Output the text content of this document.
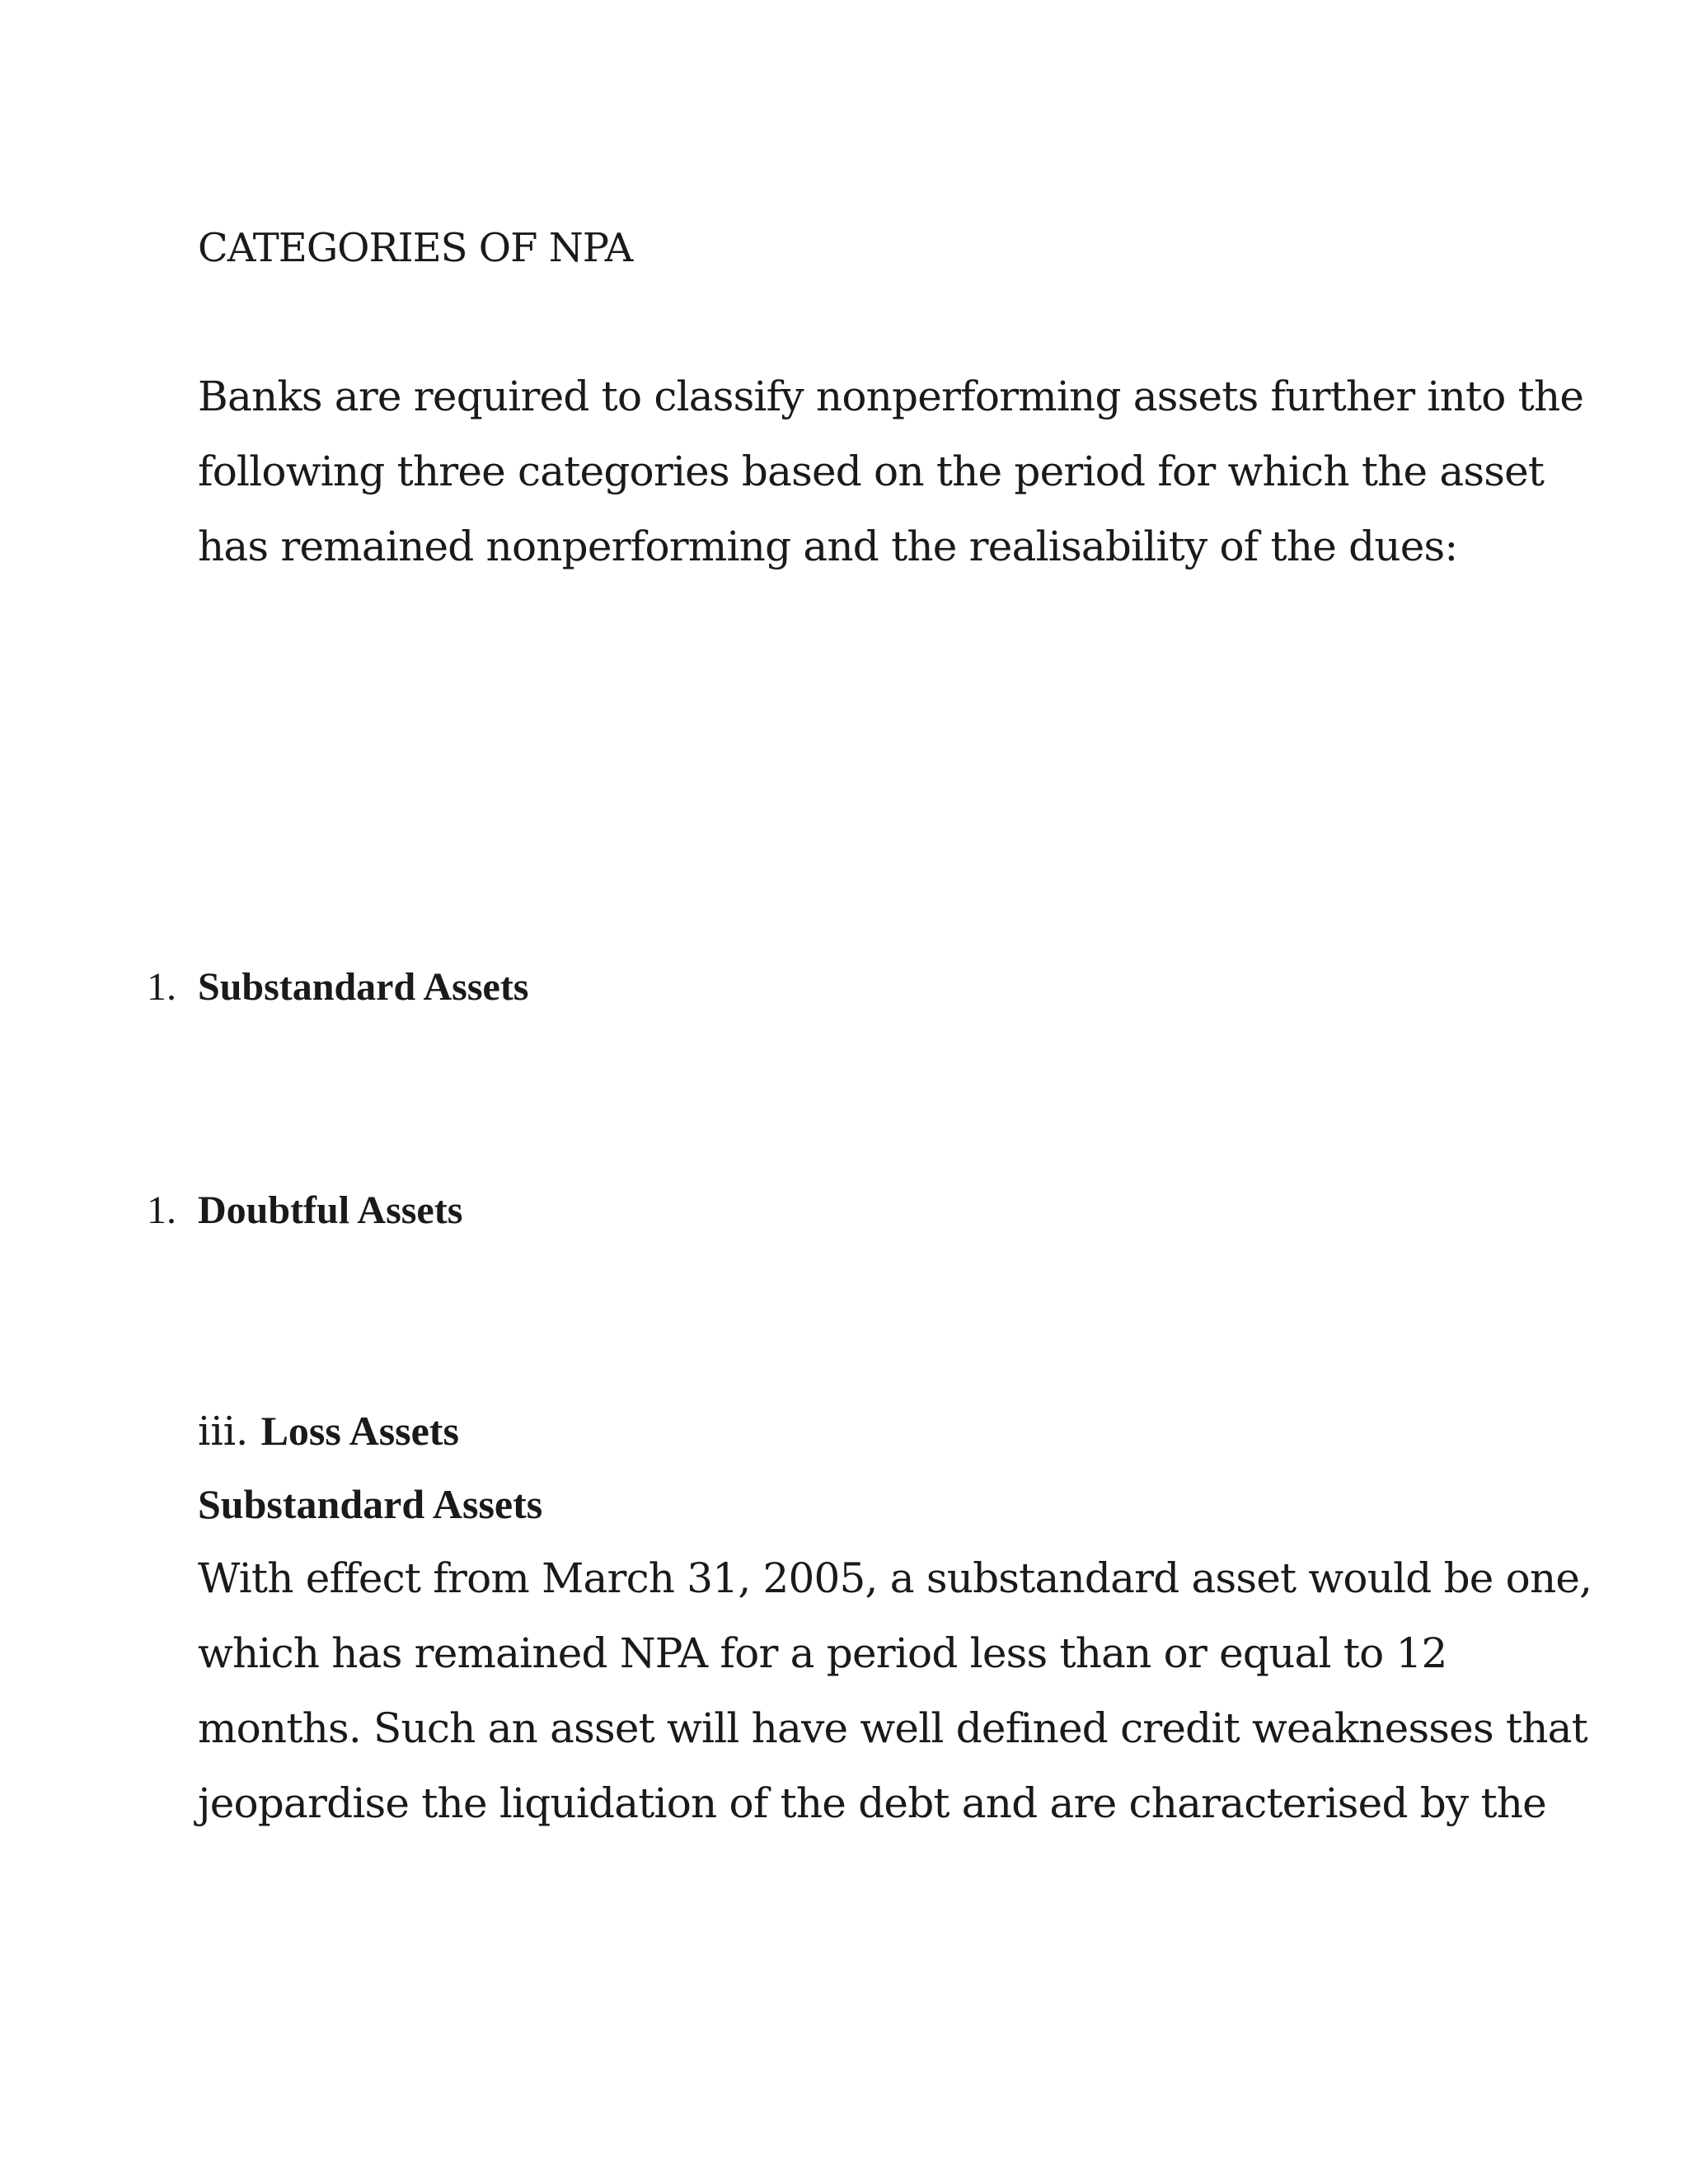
CATEGORIES OF NPA
Banks are required to classify nonperforming assets further into the
following three categories based on the period for which the asset
has remained nonperforming and the realisability of the dues:
1. Substandard Assets
1. Doubtful Assets
iii. Loss Assets
Substandard Assets
With effect from March 31, 2005, a substandard asset would be one,
which has remained NPA for a period less than or equal to 12
months. Such an asset will have well defined credit weaknesses that
jeopardise the liquidation of the debt and are characterised by the
